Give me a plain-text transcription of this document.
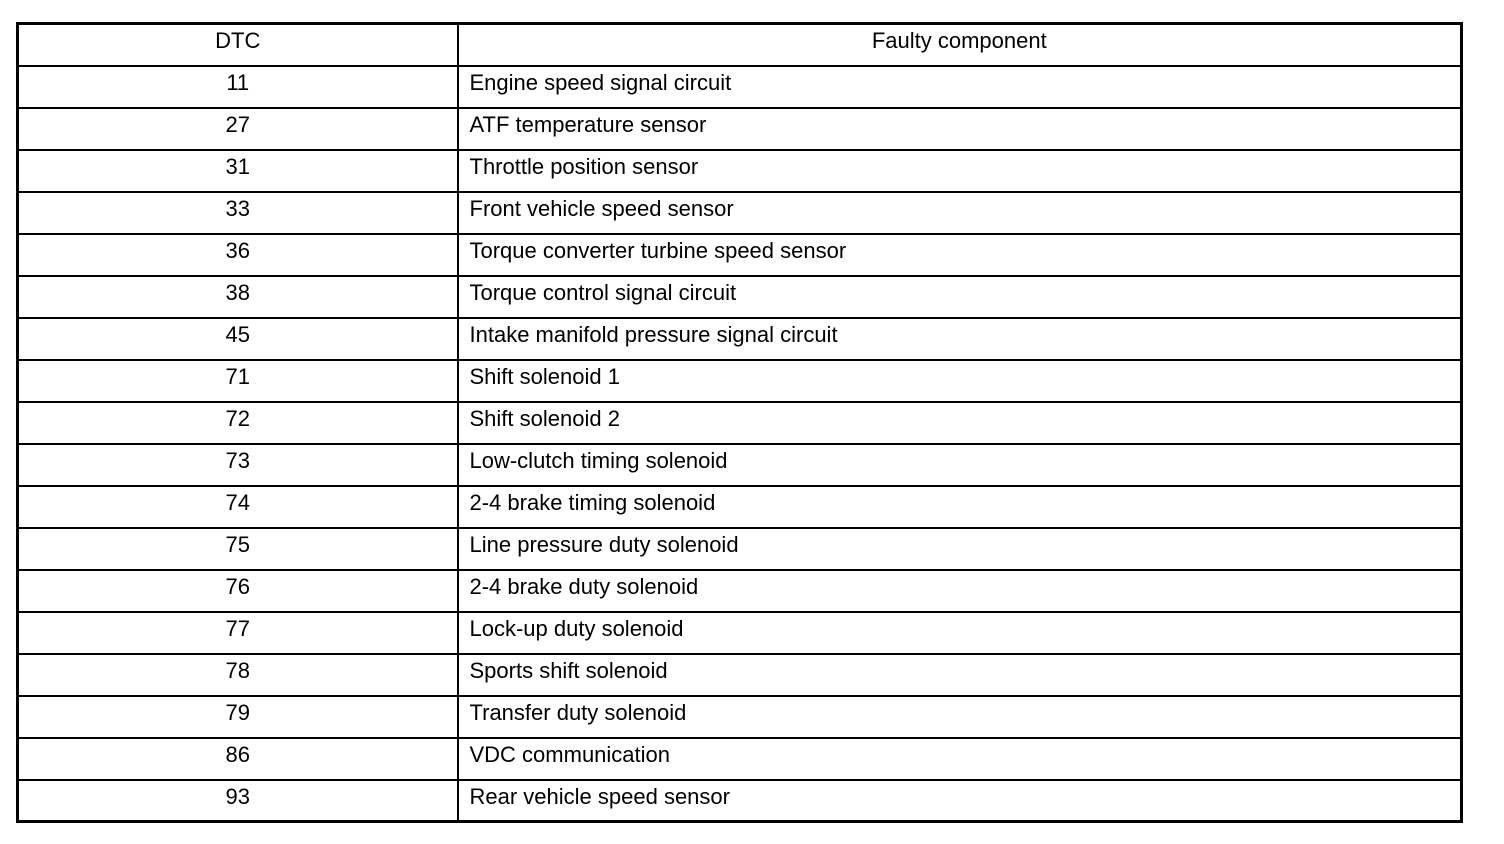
DTC	Faulty component
11	Engine speed signal circuit
27	ATF temperature sensor
31	Throttle position sensor
33	Front vehicle speed sensor
36	Torque converter turbine speed sensor
38	Torque control signal circuit
45	Intake manifold pressure signal circuit
71	Shift solenoid 1
72	Shift solenoid 2
73	Low-clutch timing solenoid
74	2-4 brake timing solenoid
75	Line pressure duty solenoid
76	2-4 brake duty solenoid
77	Lock-up duty solenoid
78	Sports shift solenoid
79	Transfer duty solenoid
86	VDC communication
93	Rear vehicle speed sensor
